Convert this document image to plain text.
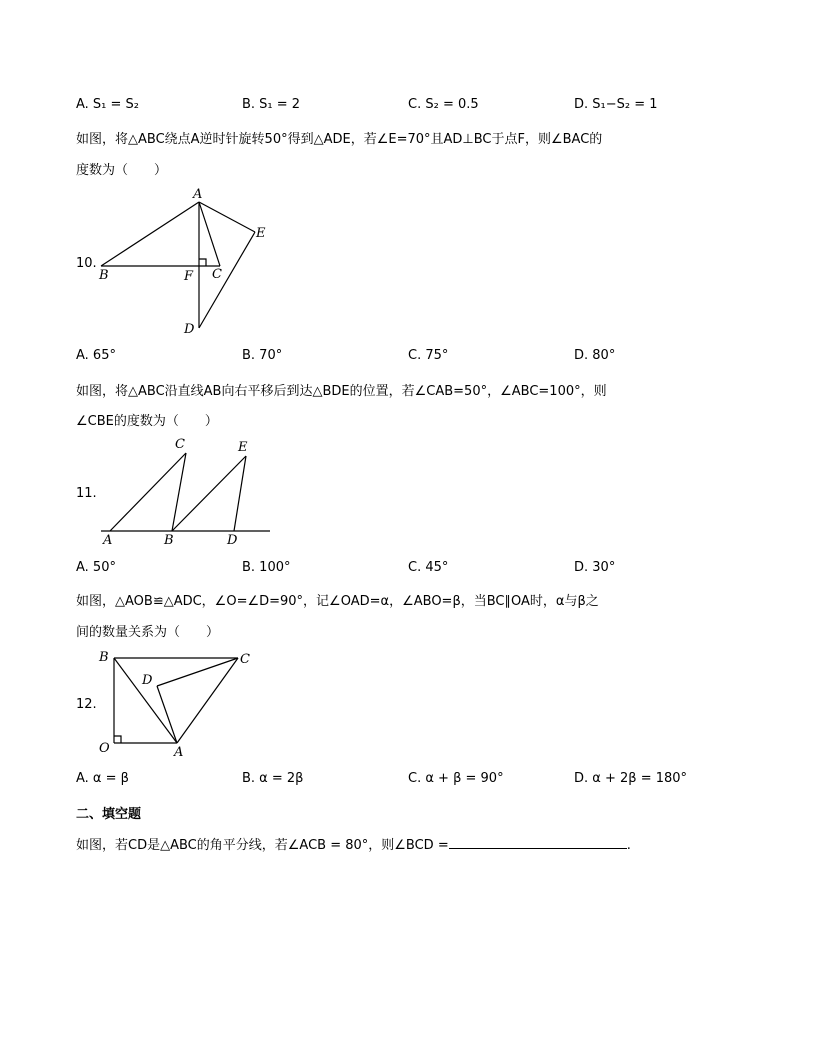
A. S₁ = S₂	B. S₁ = 2	C. S₂ = 0.5	D. S₁−S₂ = 1
如图，将△ABC绕点A逆时针旋转50°得到△ADE，若∠E=70°且AD⊥BC于点F，则∠BAC的
度数为（　　）
10.
A
B	C
D
E
F
A. 65°	B. 70°	C. 75°	D. 80°
如图，将△ABC沿直线AB向右平移后到达△BDE的位置，若∠CAB=50°，∠ABC=100°，则
∠CBE的度数为（　　）
11.
A	B
C
D
E
A. 50°	B. 100°	C. 45°	D. 30°
如图，△AOB≌△ADC，∠O=∠D=90°，记∠OAD=α，∠ABO=β，当BC∥OA时，α与β之
间的数量关系为（　　）
12.
B	C
D
O	A
A. α = β	B. α = 2β	C. α + β = 90°	D. α + 2β = 180°
二、填空题
如图，若CD是△ABC的角平分线，若∠ACB = 80°，则∠BCD =	.
